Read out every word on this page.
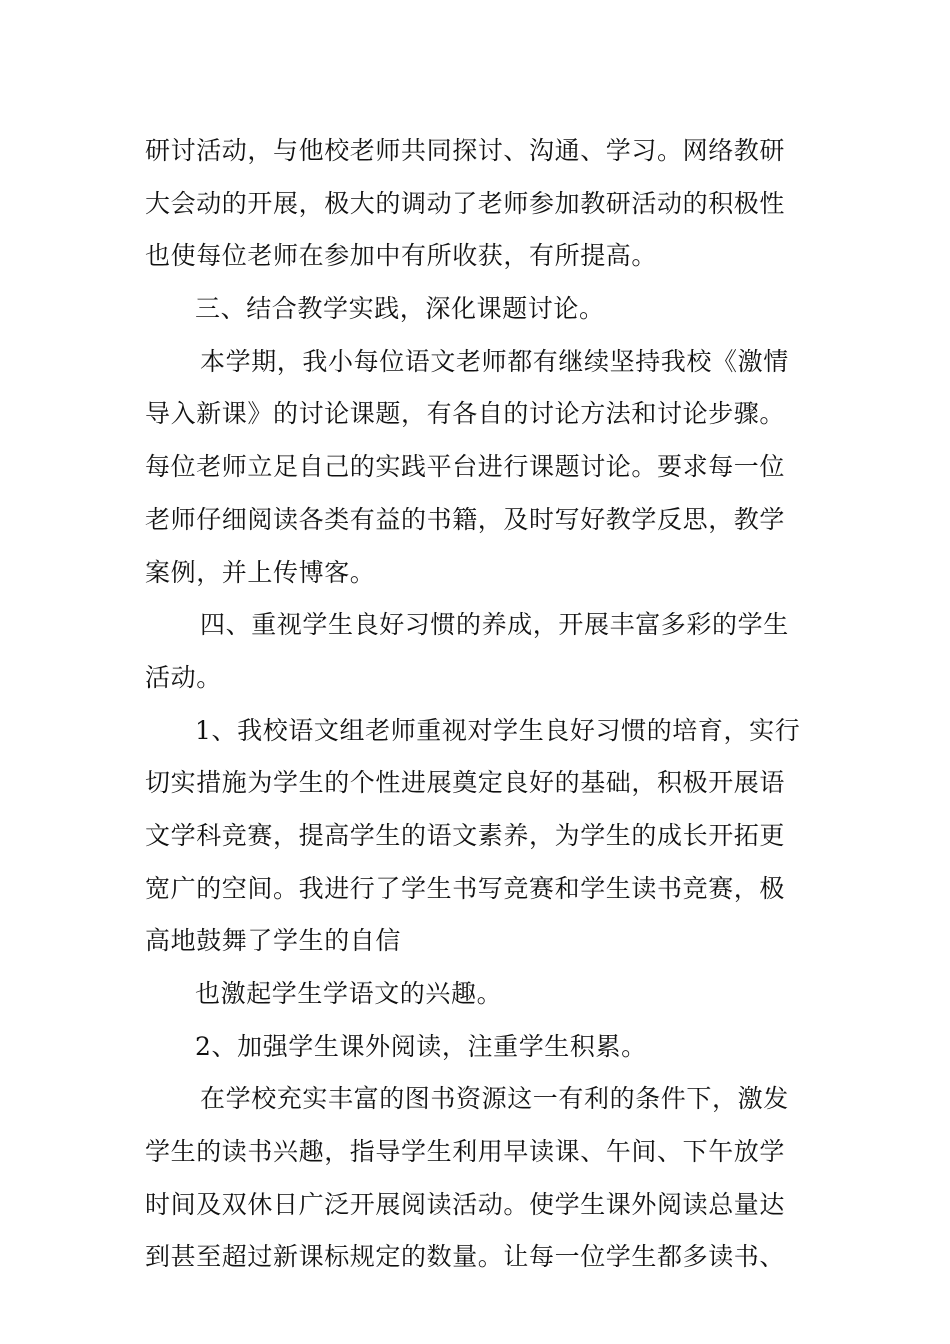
研讨活动，与他校老师共同探讨、沟通、学习。网络教研
大会动的开展，极大的调动了老师参加教研活动的积极性
也使每位老师在参加中有所收获，有所提高。
三、结合教学实践，深化课题讨论。
本学期，我小每位语文老师都有继续坚持我校《激情
导入新课》的讨论课题，有各自的讨论方法和讨论步骤。
每位老师立足自己的实践平台进行课题讨论。要求每一位
老师仔细阅读各类有益的书籍，及时写好教学反思，教学
案例，并上传博客。
四、重视学生良好习惯的养成，开展丰富多彩的学生
活动。
1、我校语文组老师重视对学生良好习惯的培育，实行
切实措施为学生的个性进展奠定良好的基础，积极开展语
文学科竞赛，提高学生的语文素养，为学生的成长开拓更
宽广的空间。我进行了学生书写竞赛和学生读书竞赛，极
高地鼓舞了学生的自信
也激起学生学语文的兴趣。
2、加强学生课外阅读，注重学生积累。
在学校充实丰富的图书资源这一有利的条件下，激发
学生的读书兴趣，指导学生利用早读课、午间、下午放学
时间及双休日广泛开展阅读活动。使学生课外阅读总量达
到甚至超过新课标规定的数量。让每一位学生都多读书、
